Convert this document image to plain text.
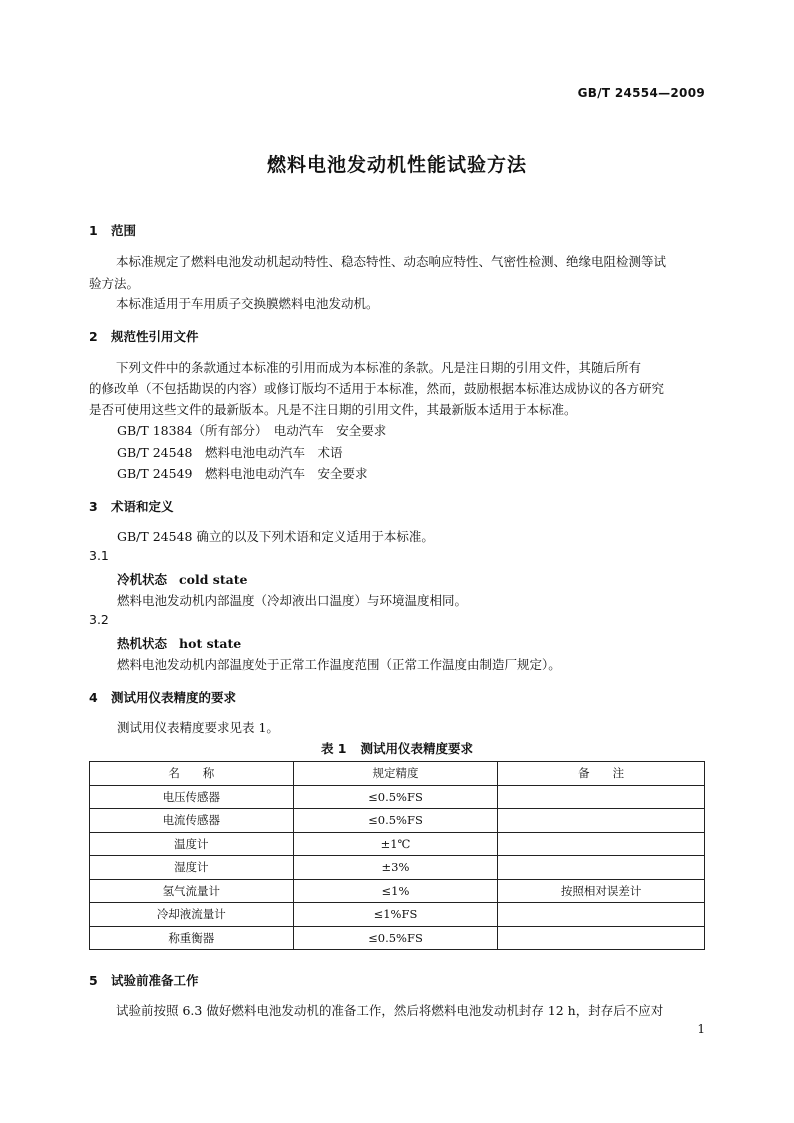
GB/T 24554—2009
燃料电池发动机性能试验方法
1 范围
本标准规定了燃料电池发动机起动特性、稳态特性、动态响应特性、气密性检测、绝缘电阻检测等试
验方法。
本标准适用于车用质子交换膜燃料电池发动机。
2 规范性引用文件
下列文件中的条款通过本标准的引用而成为本标准的条款。凡是注日期的引用文件，其随后所有
的修改单（不包括勘误的内容）或修订版均不适用于本标准，然而，鼓励根据本标准达成协议的各方研究
是否可使用这些文件的最新版本。凡是不注日期的引用文件，其最新版本适用于本标准。
GB/T 18384（所有部分）　电动汽车　安全要求
GB/T 24548　燃料电池电动汽车　术语
GB/T 24549　燃料电池电动汽车　安全要求
3 术语和定义
GB/T 24548 确立的以及下列术语和定义适用于本标准。
3.1
冷机状态 cold state
燃料电池发动机内部温度（冷却液出口温度）与环境温度相同。
3.2
热机状态 hot state
燃料电池发动机内部温度处于正常工作温度范围（正常工作温度由制造厂规定）。
4 测试用仪表精度的要求
测试用仪表精度要求见表 1。
表 1 测试用仪表精度要求
名　　称	规定精度	备　　注
电压传感器	≤0.5%FS	
电流传感器	≤0.5%FS	
温度计	±1℃	
湿度计	±3%	
氢气流量计	≤1%	按照相对误差计
冷却液流量计	≤1%FS	
称重衡器	≤0.5%FS	
5 试验前准备工作
试验前按照 6.3 做好燃料电池发动机的准备工作，然后将燃料电池发动机封存 12 h，封存后不应对
1
